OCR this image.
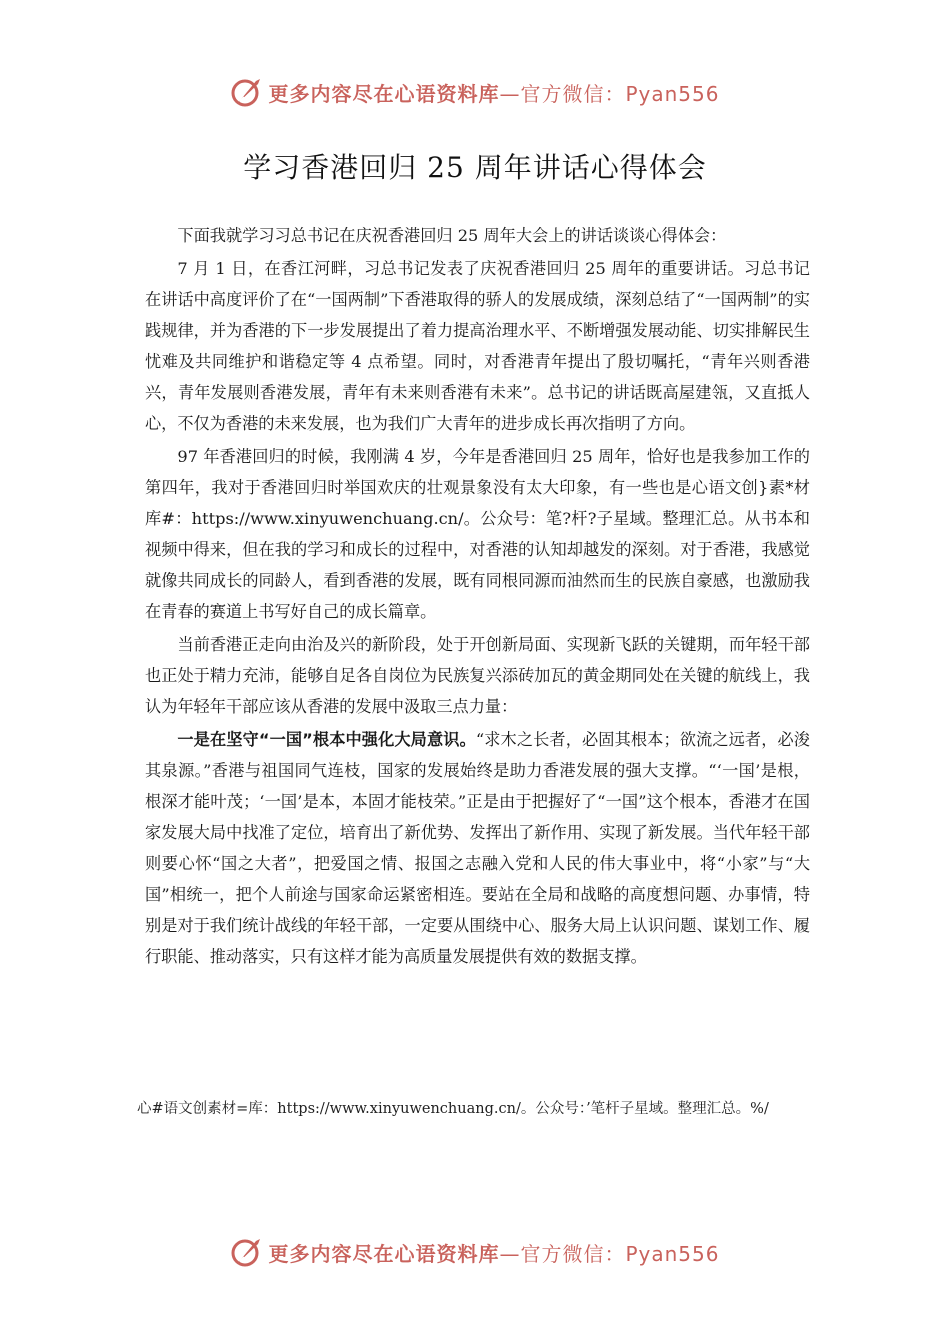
更多内容尽在心语资料库 —官方微信：Pyan556
学习香港回归 25 周年讲话心得体会

下面我就学习习总书记在庆祝香港回归 25 周年大会上的讲话谈谈心得体会：

7 月 1 日，在香江河畔，习总书记发表了庆祝香港回归 25 周年的重要讲话。习总书记在讲话中高度评价了在“一国两制”下香港取得的骄人的发展成绩，深刻总结了“一国两制”的实践规律，并为香港的下一步发展提出了着力提高治理水平、不断增强发展动能、切实排解民生忧难及共同维护和谐稳定等 4 点希望。同时，对香港青年提出了殷切嘱托，“青年兴则香港兴，青年发展则香港发展，青年有未来则香港有未来”。总书记的讲话既高屋建瓴，又直抵人心，不仅为香港的未来发展，也为我们广大青年的进步成长再次指明了方向。

97 年香港回归的时候，我刚满 4 岁，今年是香港回归 25 周年，恰好也是我参加工作的第四年，我对于香港回归时举国欢庆的壮观景象没有太大印象，有一些也是心语文创}素*材库#：https://www.xinyuwenchuang.cn/。公众号：笔?杆?子星域。整理汇总。从书本和视频中得来，但在我的学习和成长的过程中，对香港的认知却越发的深刻。对于香港，我感觉就像共同成长的同龄人，看到香港的发展，既有同根同源而油然而生的民族自豪感，也激励我在青春的赛道上书写好自己的成长篇章。

当前香港正走向由治及兴的新阶段，处于开创新局面、实现新飞跃的关键期，而年轻干部也正处于精力充沛，能够自足各自岗位为民族复兴添砖加瓦的黄金期同处在关键的航线上，我认为年轻年干部应该从香港的发展中汲取三点力量：

一是在坚守“一国”根本中强化大局意识。“求木之长者，必固其根本；欲流之远者，必浚其泉源。”香港与祖国同气连枝，国家的发展始终是助力香港发展的强大支撑。“‘一国’是根，根深才能叶茂；‘一国’是本，本固才能枝荣。”正是由于把握好了“一国”这个根本，香港才在国家发展大局中找准了定位，培育出了新优势、发挥出了新作用、实现了新发展。当代年轻干部则要心怀“国之大者”，把爱国之情、报国之志融入党和人民的伟大事业中，将“小家”与“大国”相统一，把个人前途与国家命运紧密相连。要站在全局和战略的高度想问题、办事情，特别是对于我们统计战线的年轻干部，一定要从围绕中心、服务大局上认识问题、谋划工作、履行职能、推动落实，只有这样才能为高质量发展提供有效的数据支撑。

心#语文创素材=库：https://www.xinyuwenchuang.cn/。公众号：’笔杆子星域。整理汇总。%/
更多内容尽在心语资料库 —官方微信：Pyan556
